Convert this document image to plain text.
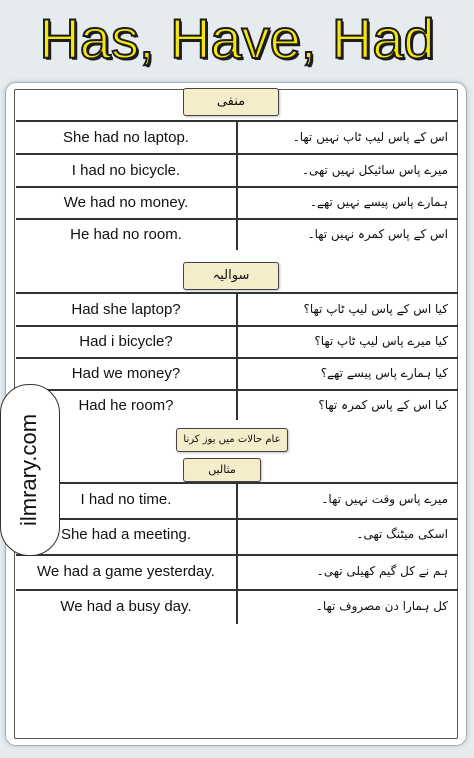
Has, Have, Had
منفی
She had no laptop.	اس کے پاس لیپ ٹاپ نہیں تھا۔
I had no bicycle.	میرے پاس سائیکل نہیں تھی۔
We had no money.	ہمارے پاس پیسے نہیں تھے۔
He had no room.	اس کے پاس کمرہ نہیں تھا۔
سوالیہ
Had she laptop?	کیا اس کے پاس لیپ ٹاپ تھا؟
Had i bicycle?	کیا میرے پاس لیپ ٹاپ تھا؟
Had we money?	کیا ہمارے پاس پیسے تھے؟
Had he room?	کیا اس کے پاس کمرہ تھا؟
عام حالات میں یوز کرنا
مثالیں
I had no time.	میرے پاس وقت نہیں تھا۔
She had a meeting.	اسکی میٹنگ تھی۔
We had a game yesterday.	ہم نے کل گیم کھیلی تھی۔
We had a busy day.	کل ہمارا دن مصروف تھا۔
ilmrary.com
